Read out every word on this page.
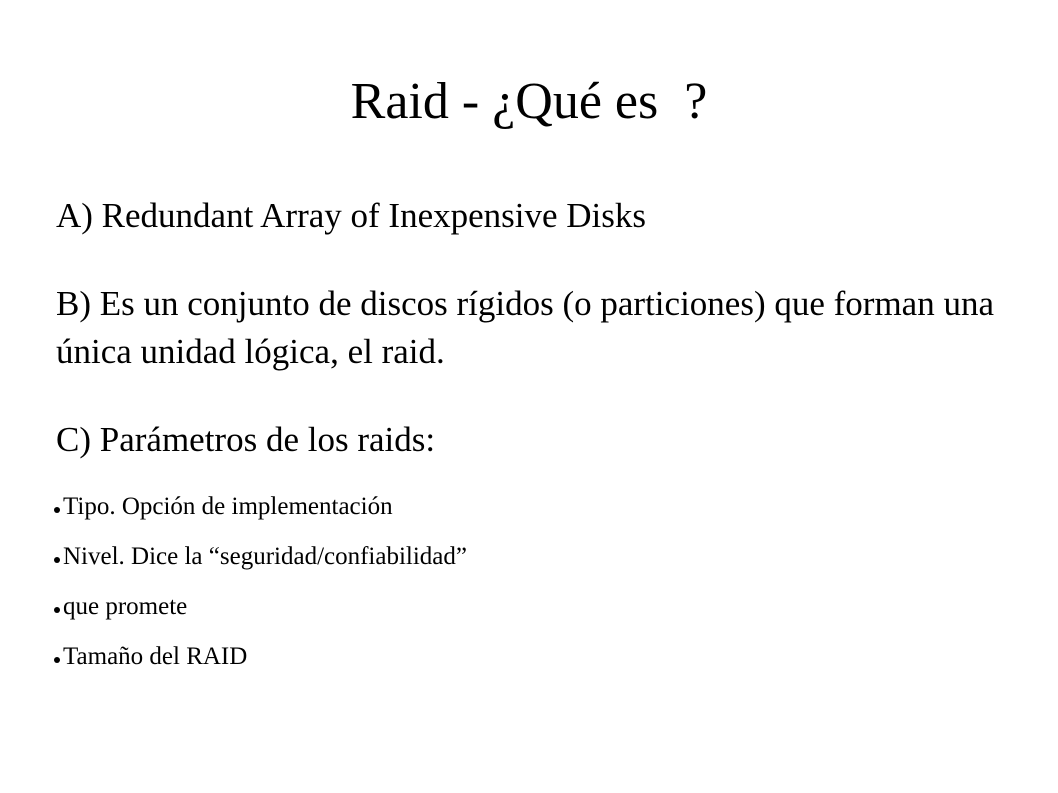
Raid - ¿Qué es  ?
A) Redundant Array of Inexpensive Disks
B) Es un conjunto de discos rígidos (o particiones) que forman una única unidad lógica, el raid.
C) Parámetros de los raids:
Tipo. Opción de implementación
Nivel. Dice la “seguridad/confiabilidad”
que promete
Tamaño del RAID
